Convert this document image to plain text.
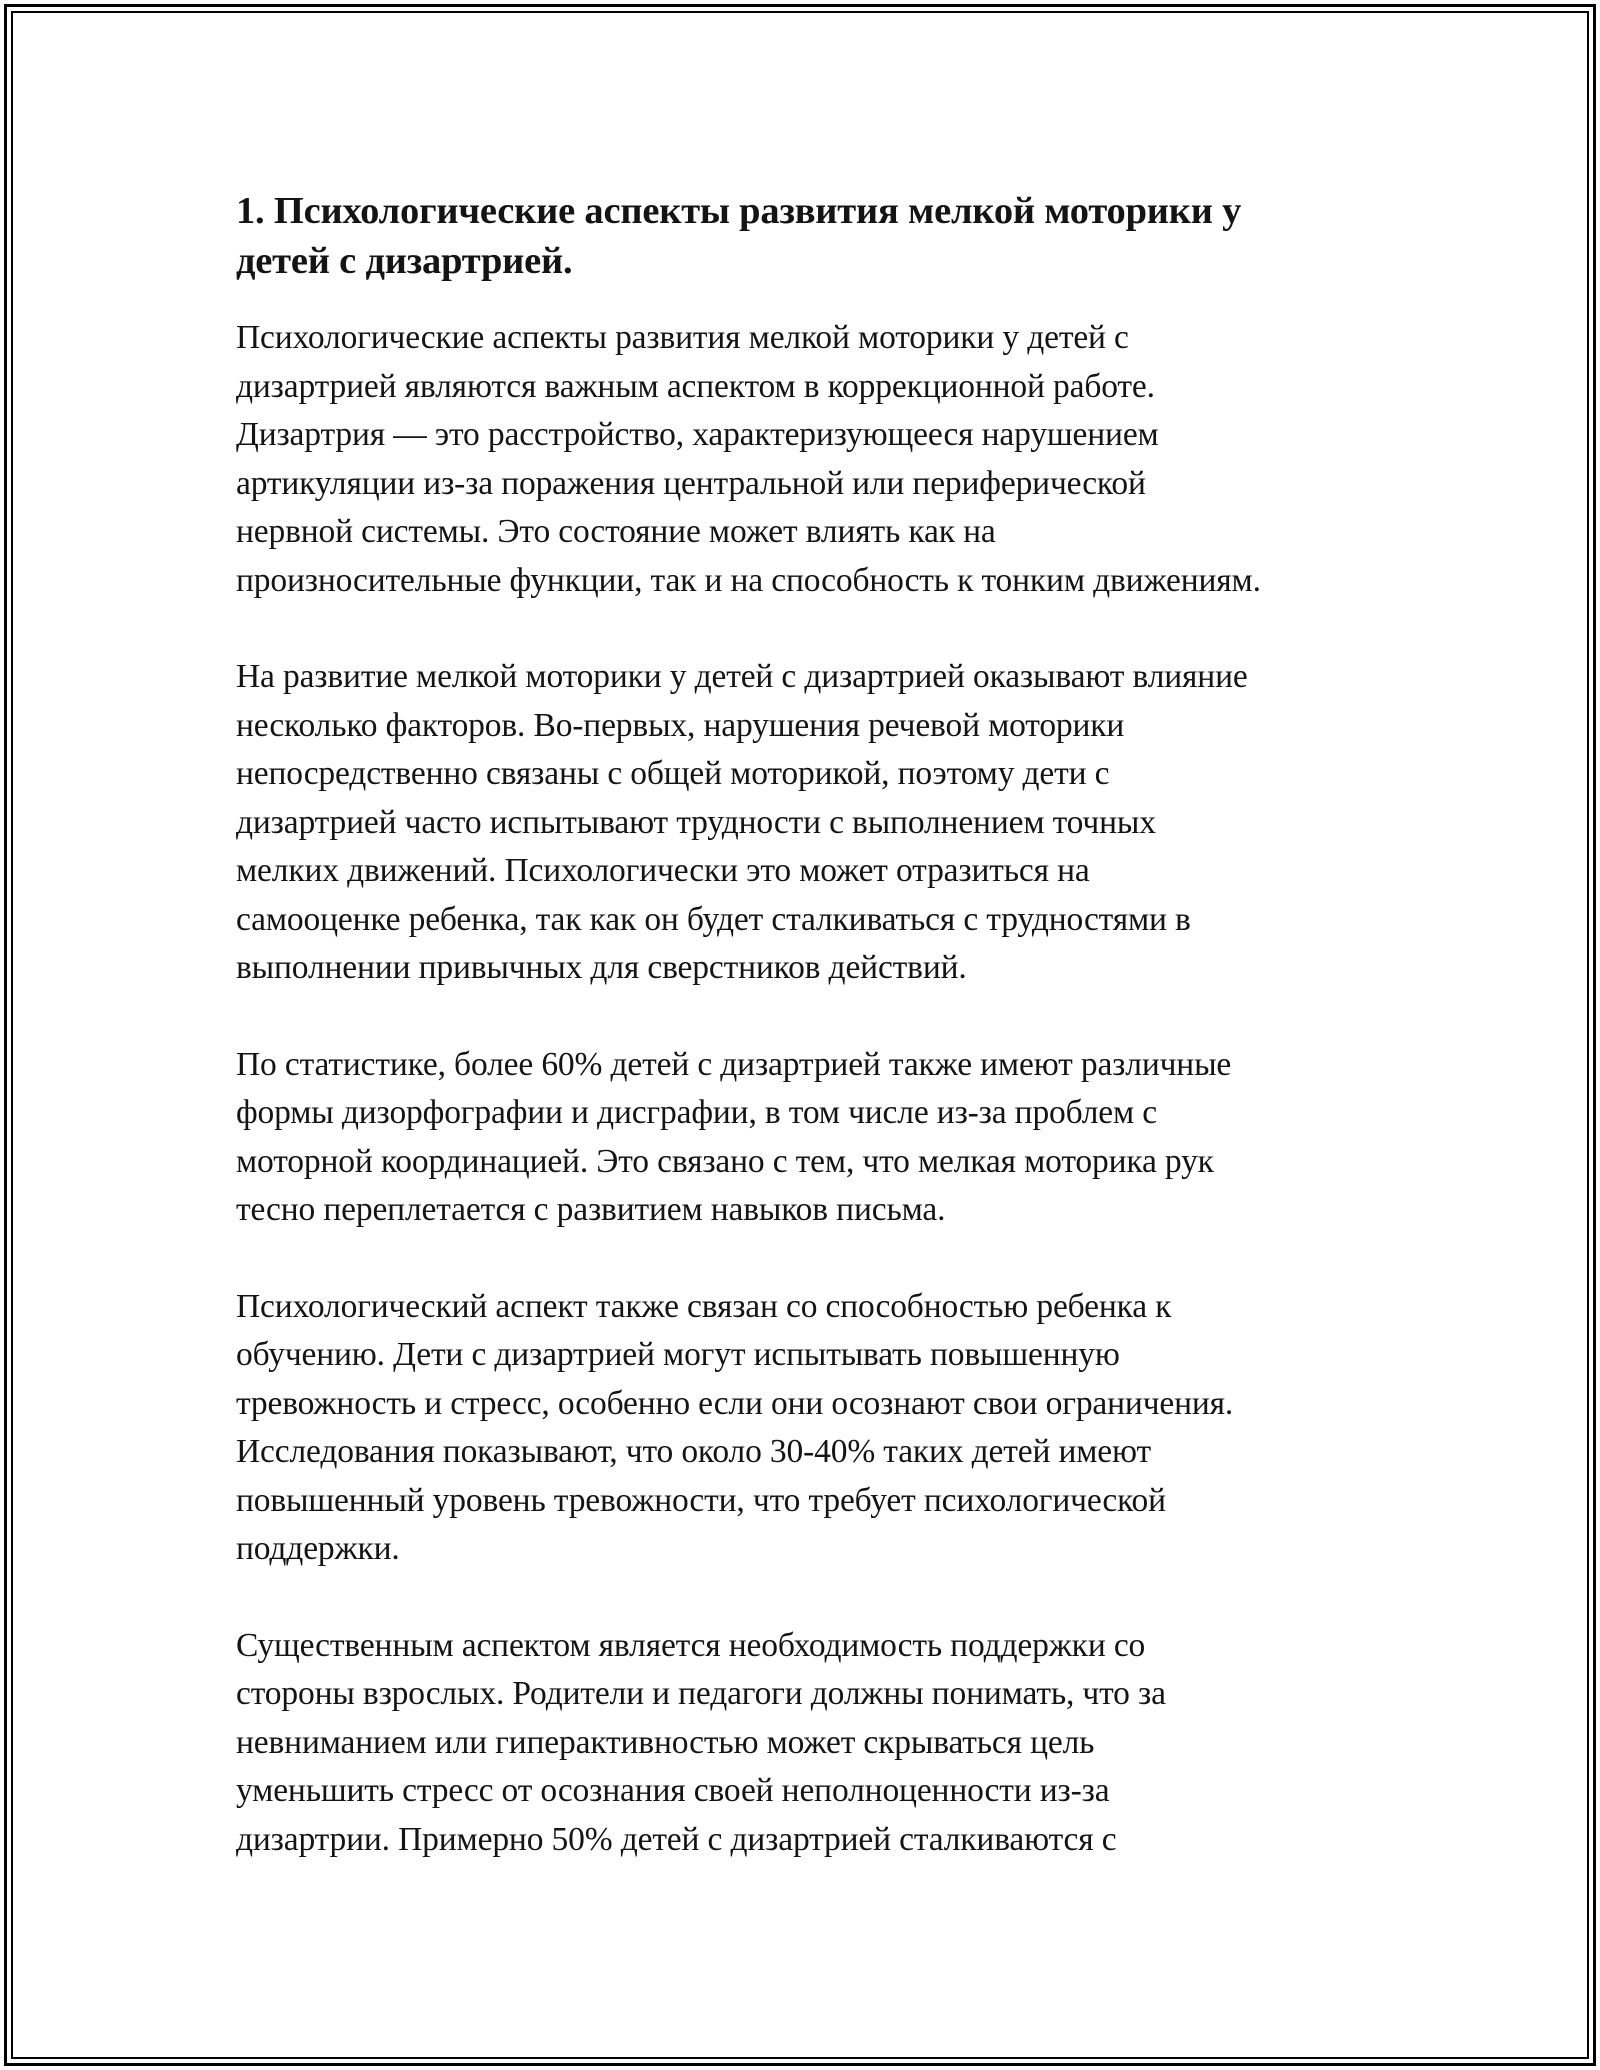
1. Психологические аспекты развития мелкой моторики у
детей с дизартрией.

Психологические аспекты развития мелкой моторики у детей с
дизартрией являются важным аспектом в коррекционной работе.
Дизартрия — это расстройство, характеризующееся нарушением
артикуляции из-за поражения центральной или периферической
нервной системы. Это состояние может влиять как на
произносительные функции, так и на способность к тонким движениям.

На развитие мелкой моторики у детей с дизартрией оказывают влияние
несколько факторов. Во-первых, нарушения речевой моторики
непосредственно связаны с общей моторикой, поэтому дети с
дизартрией часто испытывают трудности с выполнением точных
мелких движений. Психологически это может отразиться на
самооценке ребенка, так как он будет сталкиваться с трудностями в
выполнении привычных для сверстников действий.

По статистике, более 60% детей с дизартрией также имеют различные
формы дизорфографии и дисграфии, в том числе из-за проблем с
моторной координацией. Это связано с тем, что мелкая моторика рук
тесно переплетается с развитием навыков письма.

Психологический аспект также связан со способностью ребенка к
обучению. Дети с дизартрией могут испытывать повышенную
тревожность и стресс, особенно если они осознают свои ограничения.
Исследования показывают, что около 30-40% таких детей имеют
повышенный уровень тревожности, что требует психологической
поддержки.

Существенным аспектом является необходимость поддержки со
стороны взрослых. Родители и педагоги должны понимать, что за
невниманием или гиперактивностью может скрываться цель
уменьшить стресс от осознания своей неполноценности из-за
дизартрии. Примерно 50% детей с дизартрией сталкиваются с
